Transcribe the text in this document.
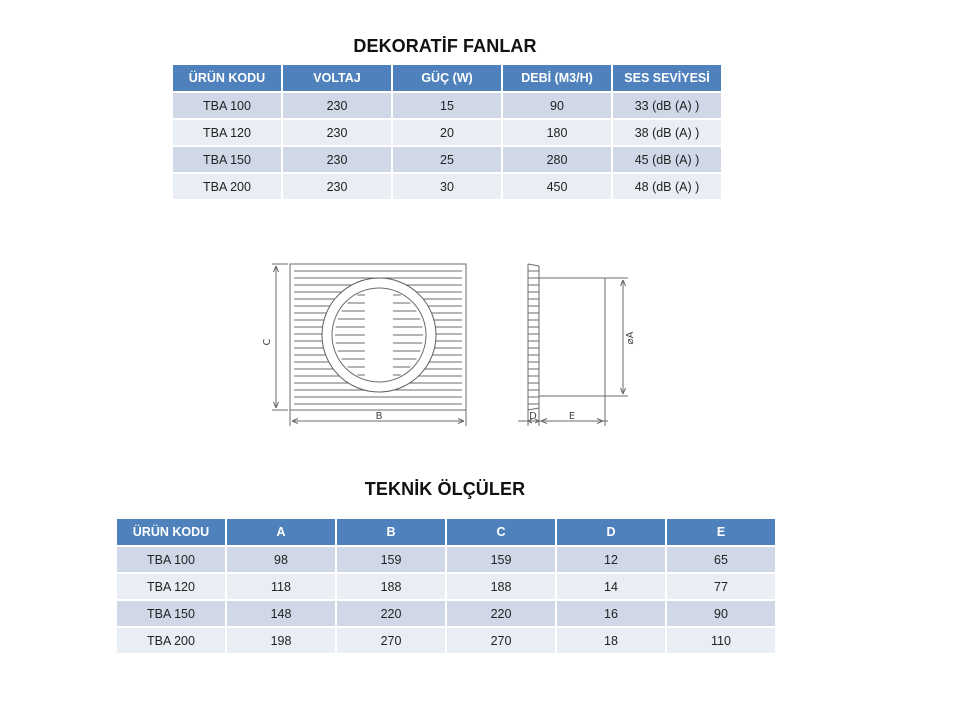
DEKORATİF FANLAR
ÜRÜN KODU	VOLTAJ	GÜÇ (W)	DEBİ (M3/H)	SES SEVİYESİ
TBA 100	230	15	90	33 (dB (A) )
TBA 120	230	20	180	38 (dB (A) )
TBA 150	230	25	280	45 (dB (A) )
TBA 200	230	30	450	48 (dB (A) )
C
B
⌀A
D	E
TEKNİK ÖLÇÜLER
ÜRÜN KODU	A	B	C	D	E
TBA 100	98	159	159	12	65
TBA 120	118	188	188	14	77
TBA 150	148	220	220	16	90
TBA 200	198	270	270	18	110
